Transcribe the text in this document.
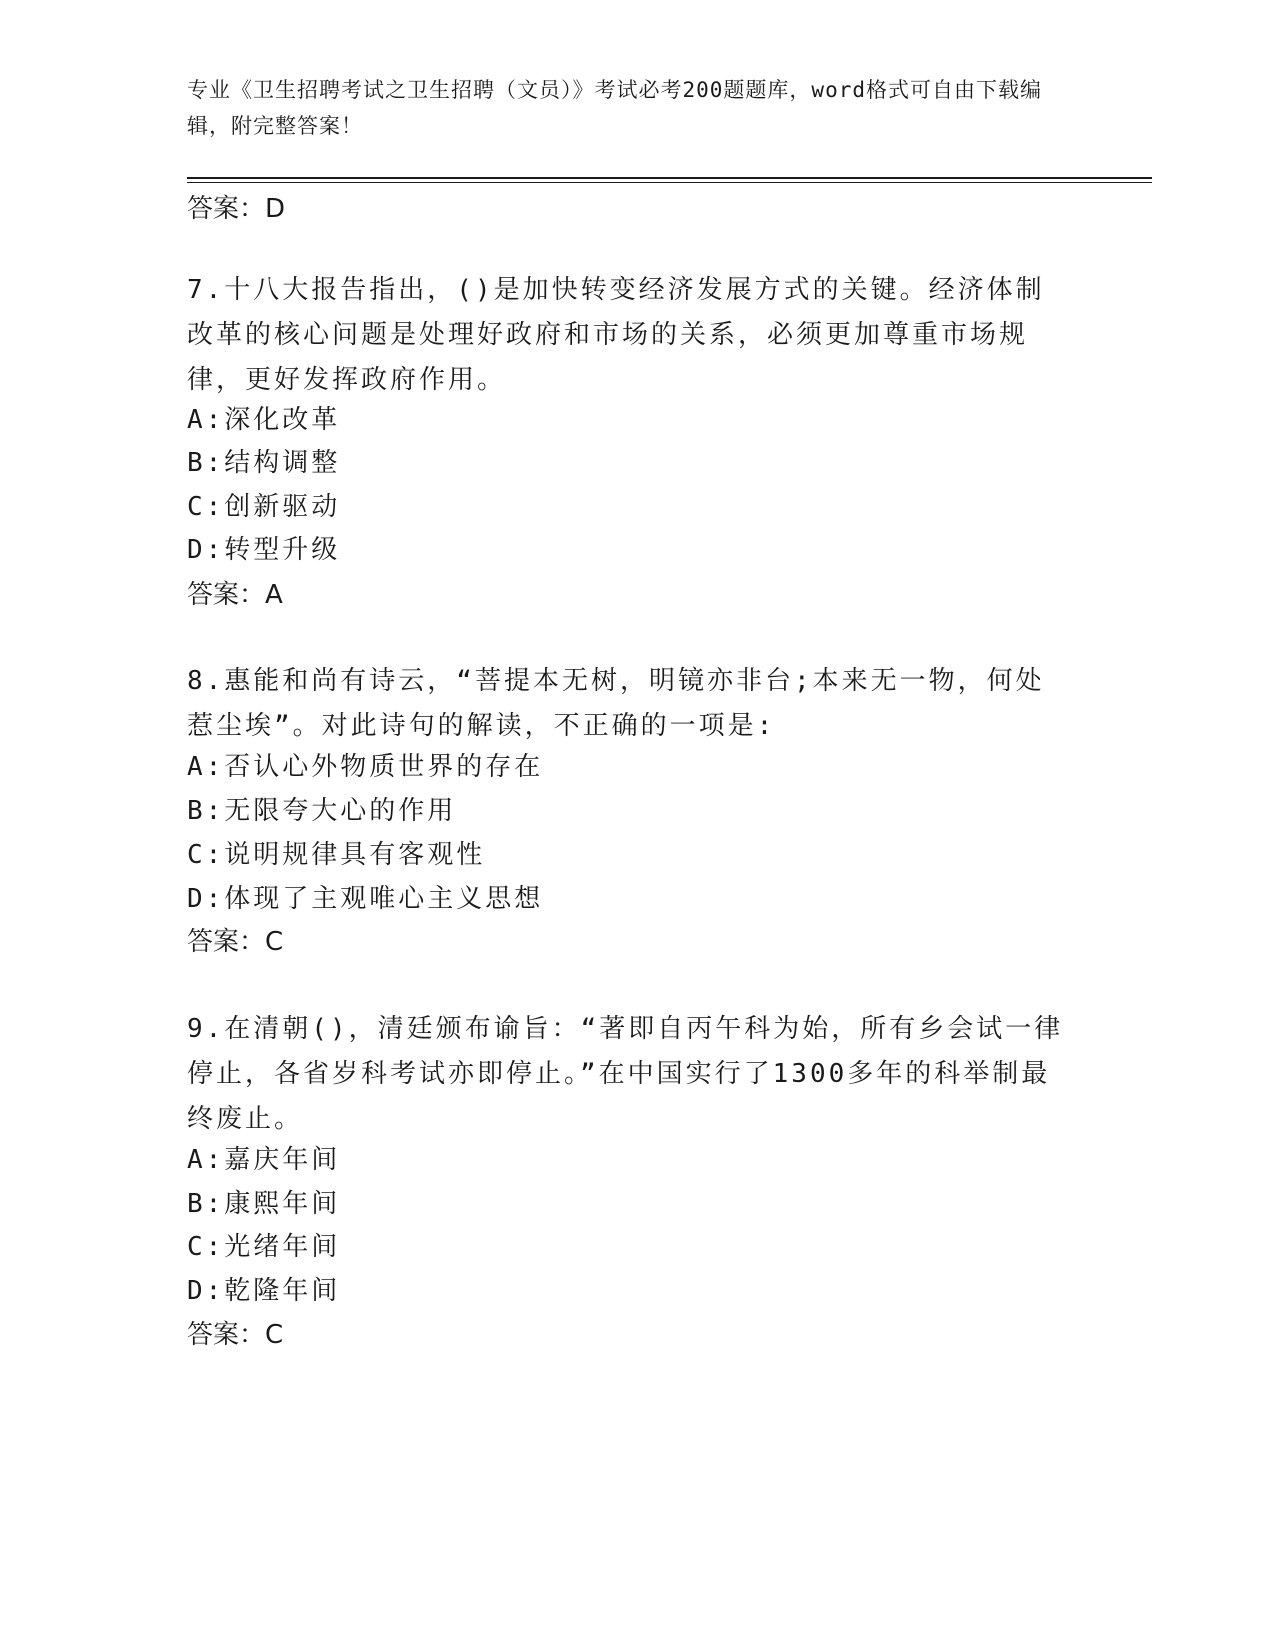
专业《卫生招聘考试之卫生招聘（文员）》考试必考200题题库，word格式可自由下载编辑，附完整答案！
答案：D
7.十八大报告指出，()是加快转变经济发展方式的关键。经济体制改革的核心问题是处理好政府和市场的关系，必须更加尊重市场规律，更好发挥政府作用。
A:深化改革
B:结构调整
C:创新驱动
D:转型升级
答案：A
8.惠能和尚有诗云，“菩提本无树，明镜亦非台;本来无一物，何处惹尘埃”。对此诗句的解读，不正确的一项是:
A:否认心外物质世界的存在
B:无限夸大心的作用
C:说明规律具有客观性
D:体现了主观唯心主义思想
答案：C
9.在清朝()，清廷颁布谕旨：“著即自丙午科为始，所有乡会试一律停止，各省岁科考试亦即停止。”在中国实行了1300多年的科举制最终废止。
A:嘉庆年间
B:康熙年间
C:光绪年间
D:乾隆年间
答案：C
